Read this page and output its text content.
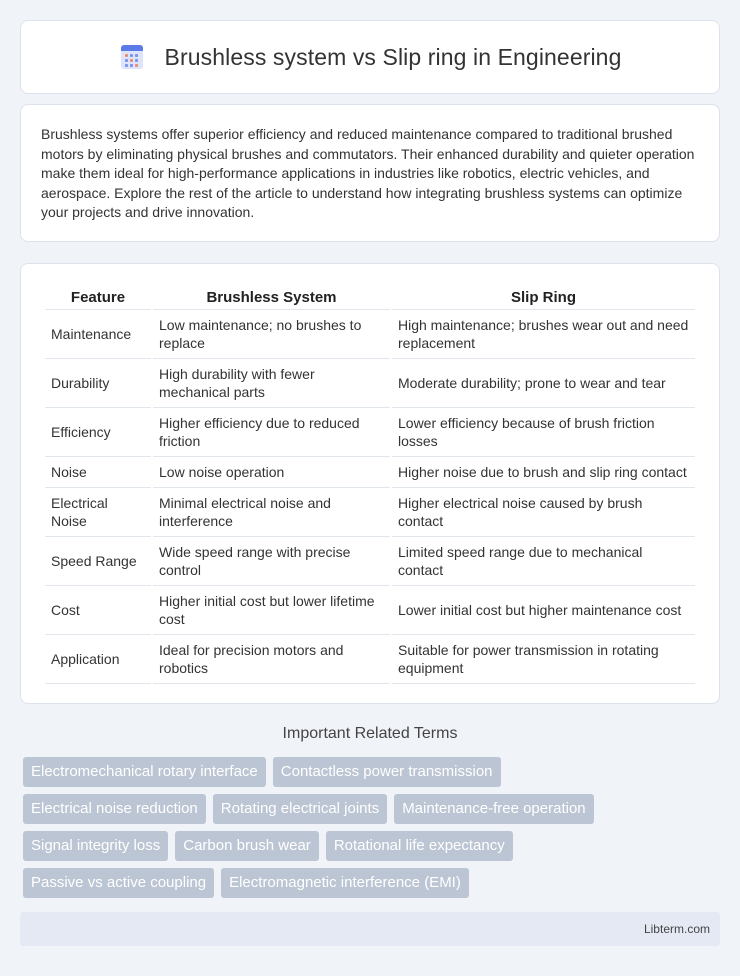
Brushless system vs Slip ring in Engineering

Brushless systems offer superior efficiency and reduced maintenance compared to traditional brushed motors by eliminating physical brushes and commutators. Their enhanced durability and quieter operation make them ideal for high-performance applications in industries like robotics, electric vehicles, and aerospace. Explore the rest of the article to understand how integrating brushless systems can optimize your projects and drive innovation.

Feature	Brushless System	Slip Ring
Maintenance	Low maintenance; no brushes to replace	High maintenance; brushes wear out and need replacement
Durability	High durability with fewer mechanical parts	Moderate durability; prone to wear and tear
Efficiency	Higher efficiency due to reduced friction	Lower efficiency because of brush friction losses
Noise	Low noise operation	Higher noise due to brush and slip ring contact
Electrical Noise	Minimal electrical noise and interference	Higher electrical noise caused by brush contact
Speed Range	Wide speed range with precise control	Limited speed range due to mechanical contact
Cost	Higher initial cost but lower lifetime cost	Lower initial cost but higher maintenance cost
Application	Ideal for precision motors and robotics	Suitable for power transmission in rotating equipment
Important Related Terms
Electromechanical rotary interface	Contactless power transmission
Electrical noise reduction	Rotating electrical joints	Maintenance-free operation
Signal integrity loss	Carbon brush wear	Rotational life expectancy
Passive vs active coupling	Electromagnetic interference (EMI)
Libterm.com
